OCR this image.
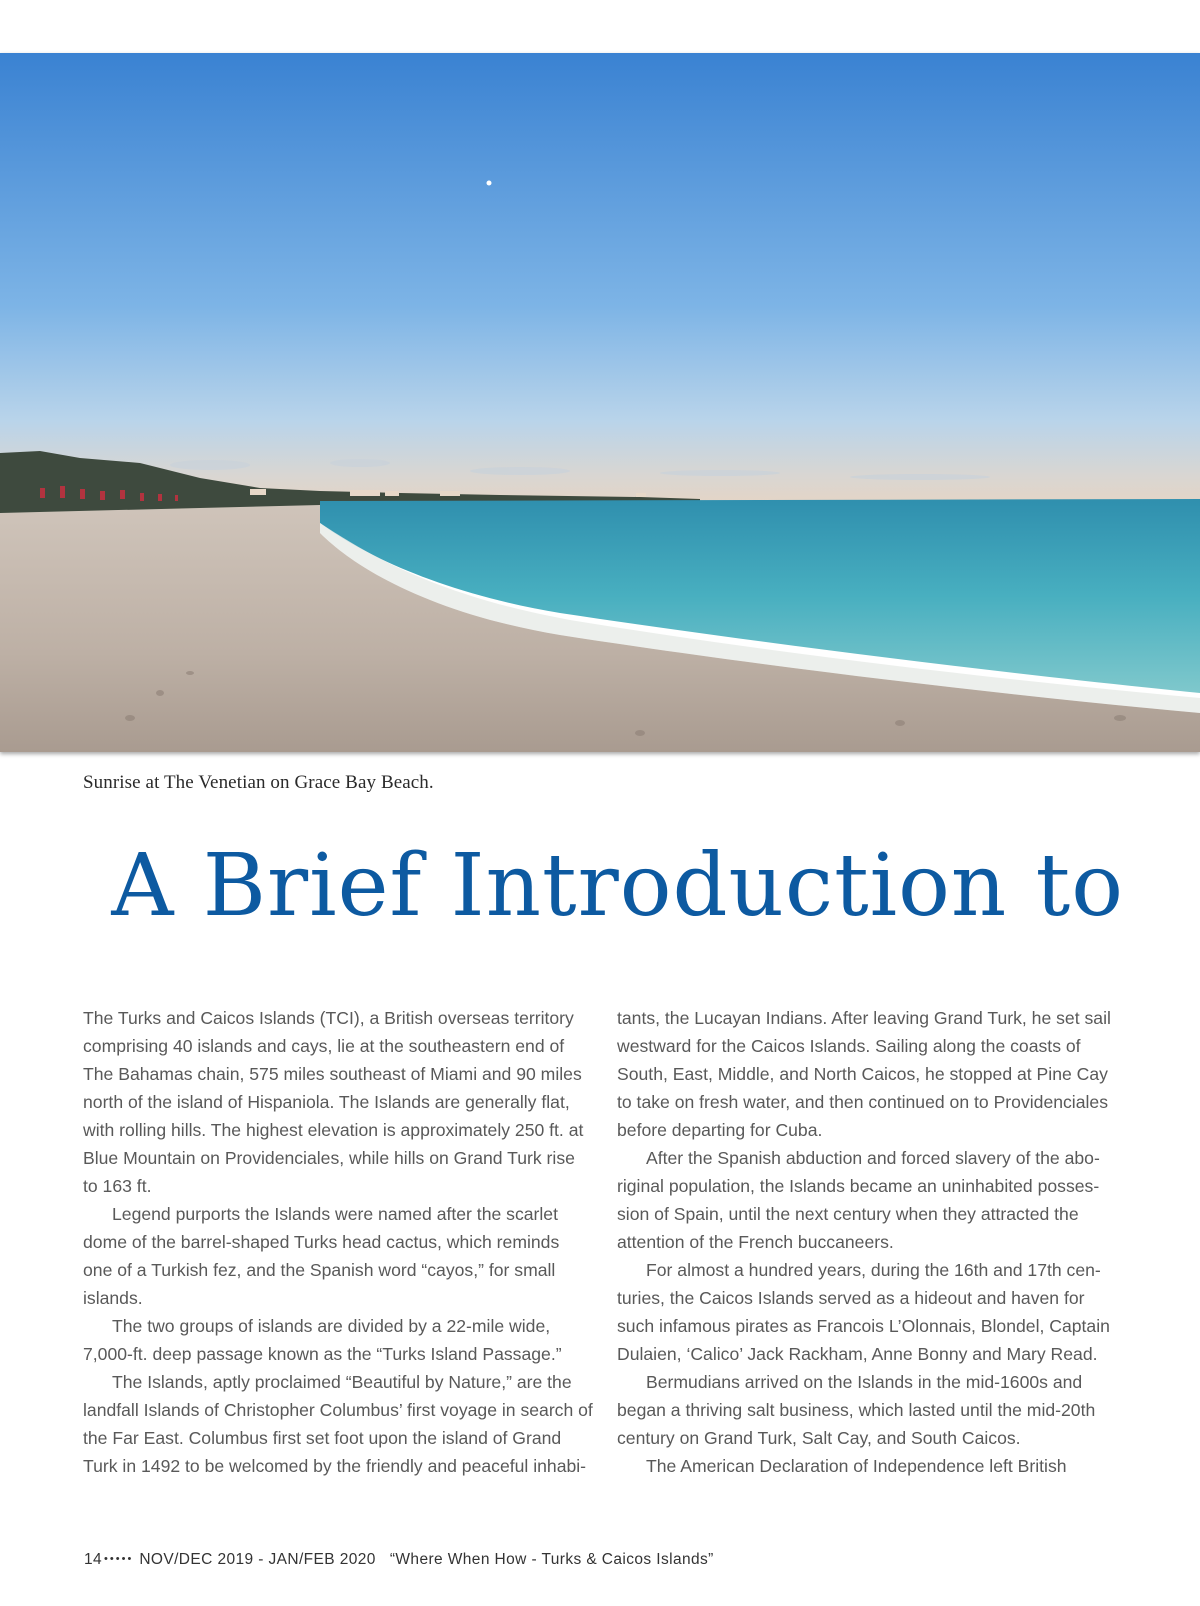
Sunrise at The Venetian on Grace Bay Beach.
A Brief Introduction to

The Turks and Caicos Islands (TCI), a British overseas territory comprising 40 islands and cays, lie at the southeastern end of The Bahamas chain, 575 miles southeast of Miami and 90 miles north of the island of Hispaniola. The Islands are generally flat, with rolling hills. The highest elevation is approximately 250 ft. at Blue Mountain on Providenciales, while hills on Grand Turk rise to 163 ft.

Legend purports the Islands were named after the scarlet dome of the barrel-shaped Turks head cactus, which reminds one of a Turkish fez, and the Spanish word “cayos,” for small islands.

The two groups of islands are divided by a 22-mile wide, 7,000-ft. deep passage known as the “Turks Island Passage.”

The Islands, aptly proclaimed “Beautiful by Nature,” are the landfall Islands of Christopher Columbus’ first voyage in search of the Far East. Columbus first set foot upon the island of Grand Turk in 1492 to be welcomed by the friendly and peaceful inhabi-

tants, the Lucayan Indians. After leaving Grand Turk, he set sail westward for the Caicos Islands. Sailing along the coasts of South, East, Middle, and North Caicos, he stopped at Pine Cay to take on fresh water, and then continued on to Providenciales before departing for Cuba.

After the Spanish abduction and forced slavery of the abo-riginal population, the Islands became an uninhabited posses-sion of Spain, until the next century when they attracted the attention of the French buccaneers.

For almost a hundred years, during the 16th and 17th cen-turies, the Caicos Islands served as a hideout and haven for such infamous pirates as Francois L’Olonnais, Blondel, Captain Dulaien, ‘Calico’ Jack Rackham, Anne Bonny and Mary Read.

Bermudians arrived on the Islands in the mid-1600s and began a thriving salt business, which lasted until the mid-20th century on Grand Turk, Salt Cay, and South Caicos.

The American Declaration of Independence left British

14 ••••• NOV/DEC 2019 - JAN/FEB 2020 “Where When How - Turks & Caicos Islands”
